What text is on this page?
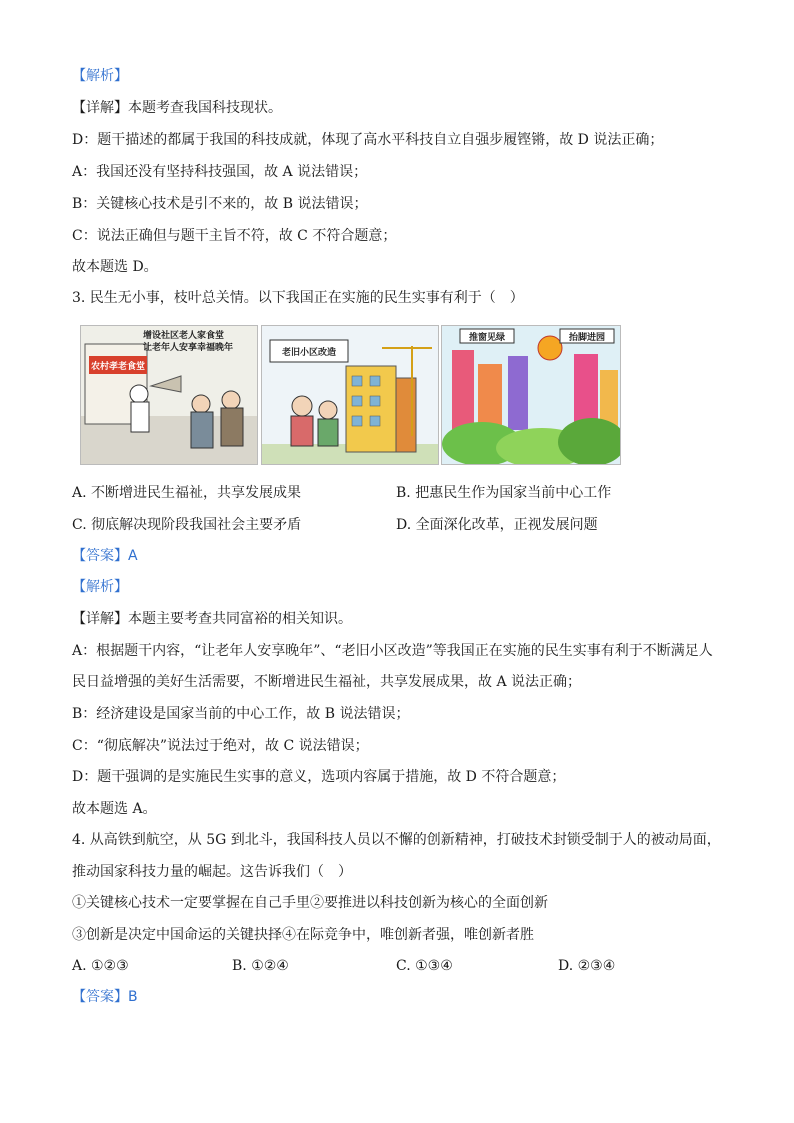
【解析】
【详解】本题考查我国科技现状。
D：题干描述的都属于我国的科技成就，体现了高水平科技自立自强步履铿锵，故 D 说法正确；
A：我国还没有坚持科技强国，故 A 说法错误；
B：关键核心技术是引不来的，故 B 说法错误；
C：说法正确但与题干主旨不符，故 C 不符合题意；
故本题选 D。
3. 民生无小事，枝叶总关情。以下我国正在实施的民生实事有利于（　）
农村孝老食堂
增设社区老人家食堂
让老年人安享幸福晚年	老旧小区改造
推窗见绿	抬脚进园
A. 不断增进民生福祉，共享发展成果	B. 把惠民生作为国家当前中心工作
C. 彻底解决现阶段我国社会主要矛盾	D. 全面深化改革，正视发展问题
【答案】A
【解析】
【详解】本题主要考查共同富裕的相关知识。
A：根据题干内容，“让老年人安享晚年”、“老旧小区改造”等我国正在实施的民生实事有利于不断满足人
民日益增强的美好生活需要，不断增进民生福祉，共享发展成果，故 A 说法正确；
B：经济建设是国家当前的中心工作，故 B 说法错误；
C：“彻底解决”说法过于绝对，故 C 说法错误；
D：题干强调的是实施民生实事的意义，选项内容属于措施，故 D 不符合题意；
故本题选 A。
4. 从高铁到航空，从 5G 到北斗，我国科技人员以不懈的创新精神，打破技术封锁受制于人的被动局面，
推动国家科技力量的崛起。这告诉我们（　）
①关键核心技术一定要掌握在自己手里②要推进以科技创新为核心的全面创新
③创新是决定中国命运的关键抉择④在际竞争中，唯创新者强，唯创新者胜
A. ①②③	B. ①②④	C. ①③④	D. ②③④
【答案】B
